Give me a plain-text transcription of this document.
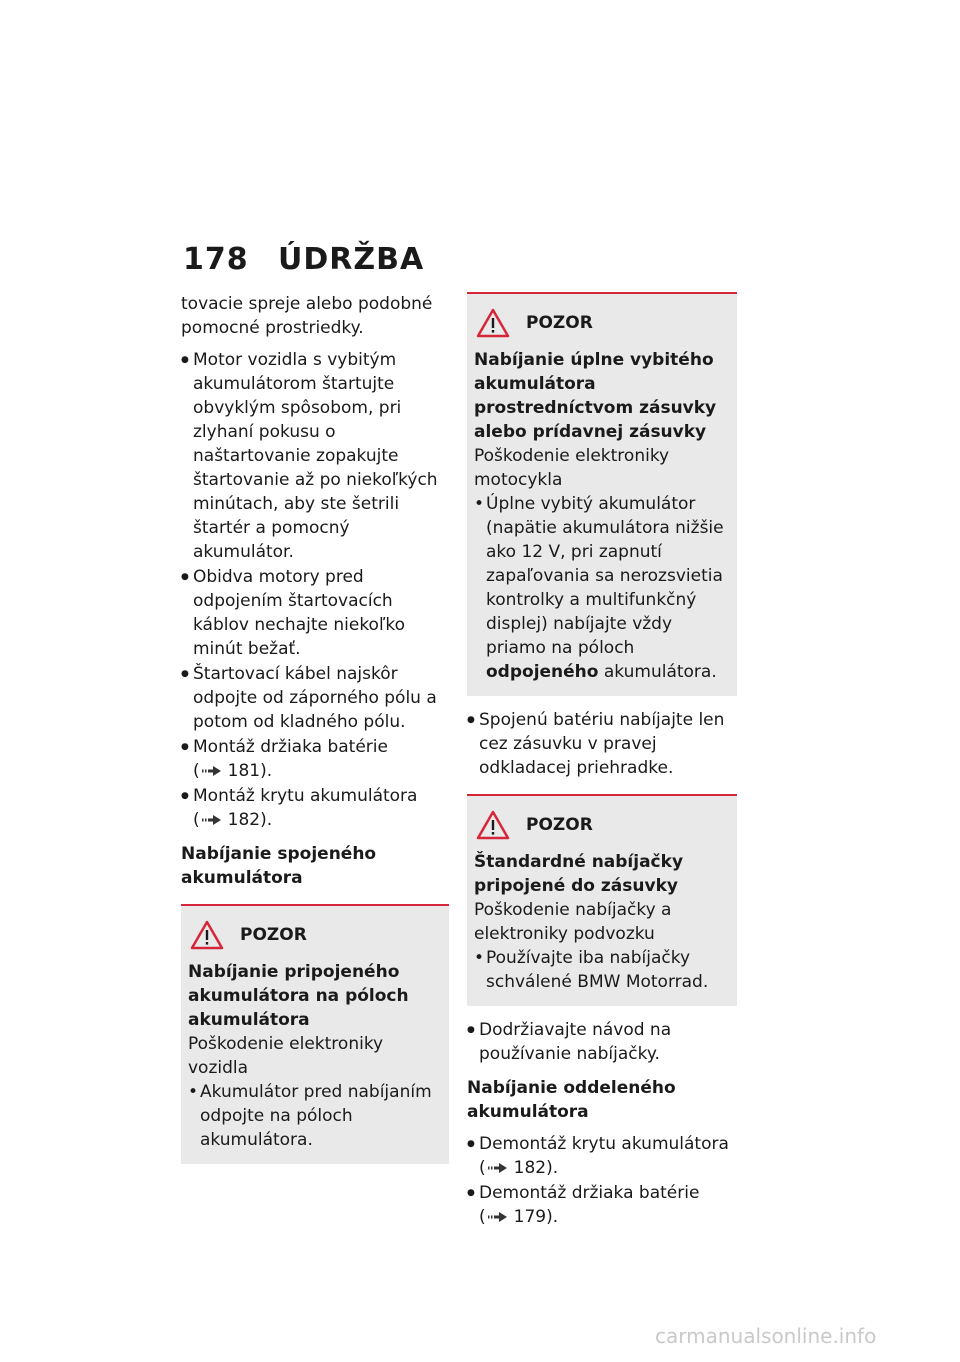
178 ÚDRŽBA

tovacie spreje alebo podobné pomocné prostriedky.

● Motor vozidla s vybitým akumulátorom štartujte obvyklým spôsobom, pri zlyhaní pokusu o naštartovanie zopakujte štartovanie až po niekoľkých minútach, aby ste šetrili štartér a pomocný akumulátor.
● Obidva motory pred odpojením štartovacích káblov nechajte niekoľko minút bežať.
● Štartovací kábel najskôr odpojte od záporného pólu a potom od kladného pólu.
● Montáž držiaka batérie
( 181).
● Montáž krytu akumulátora
( 182).
Nabíjanie spojeného akumulátora
POZOR
Nabíjanie pripojeného akumulátora na póloch akumulátora
Poškodenie elektroniky vozidla
• Akumulátor pred nabíjaním odpojte na póloch akumulátora.
POZOR
Nabíjanie úplne vybitého akumulátora prostredníctvom zásuvky alebo prídavnej zásuvky
Poškodenie elektroniky motocykla
• Úplne vybitý akumulátor (napätie akumulátora nižšie ako 12 V, pri zapnutí zapaľovania sa nerozsvietia kontrolky a multifunkčný displej) nabíjajte vždy priamo na póloch odpojeného akumulátora.
● Spojenú batériu nabíjajte len cez zásuvku v pravej odkladacej priehradke.
POZOR
Štandardné nabíjačky pripojené do zásuvky
Poškodenie nabíjačky a elektroniky podvozku
• Používajte iba nabíjačky schválené BMW Motorrad.
● Dodržiavajte návod na používanie nabíjačky.
Nabíjanie oddeleného akumulátora
● Demontáž krytu akumulátora
( 182).
● Demontáž držiaka batérie
( 179).
carmanualsonline.info
